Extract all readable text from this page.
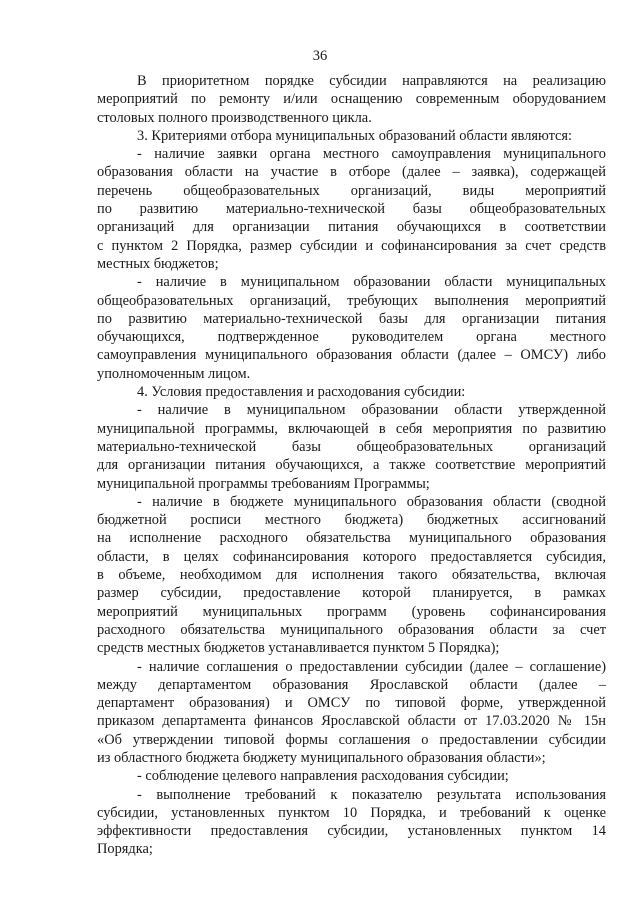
36
В приоритетном порядке субсидии направляются на реализацию
мероприятий по ремонту и/или оснащению современным оборудованием
столовых полного производственного цикла.
3. Критериями отбора муниципальных образований области являются:
- наличие заявки органа местного самоуправления муниципального
образования области на участие в отборе (далее – заявка), содержащей
перечень общеобразовательных организаций, виды мероприятий
по развитию материально-технической базы общеобразовательных
организаций для организации питания обучающихся в соответствии
с пунктом 2 Порядка, размер субсидии и софинансирования за счет средств
местных бюджетов;
- наличие в муниципальном образовании области муниципальных
общеобразовательных организаций, требующих выполнения мероприятий
по развитию материально-технической базы для организации питания
обучающихся, подтвержденное руководителем органа местного
самоуправления муниципального образования области (далее – ОМСУ) либо
уполномоченным лицом.
4. Условия предоставления и расходования субсидии:
- наличие в муниципальном образовании области утвержденной
муниципальной программы, включающей в себя мероприятия по развитию
материально-технической базы общеобразовательных организаций
для организации питания обучающихся, а также соответствие мероприятий
муниципальной программы требованиям Программы;
- наличие в бюджете муниципального образования области (сводной
бюджетной росписи местного бюджета) бюджетных ассигнований
на исполнение расходного обязательства муниципального образования
области, в целях софинансирования которого предоставляется субсидия,
в объеме, необходимом для исполнения такого обязательства, включая
размер субсидии, предоставление которой планируется, в рамках
мероприятий муниципальных программ (уровень софинансирования
расходного обязательства муниципального образования области за счет
средств местных бюджетов устанавливается пунктом 5 Порядка);
- наличие соглашения о предоставлении субсидии (далее – соглашение)
между департаментом образования Ярославской области (далее –
департамент образования) и ОМСУ по типовой форме, утвержденной
приказом департамента финансов Ярославской области от 17.03.2020 № 15н
«Об утверждении типовой формы соглашения о предоставлении субсидии
из областного бюджета бюджету муниципального образования области»;
- соблюдение целевого направления расходования субсидии;
- выполнение требований к показателю результата использования
субсидии, установленных пунктом 10 Порядка, и требований к оценке
эффективности предоставления субсидии, установленных пунктом 14
Порядка;
